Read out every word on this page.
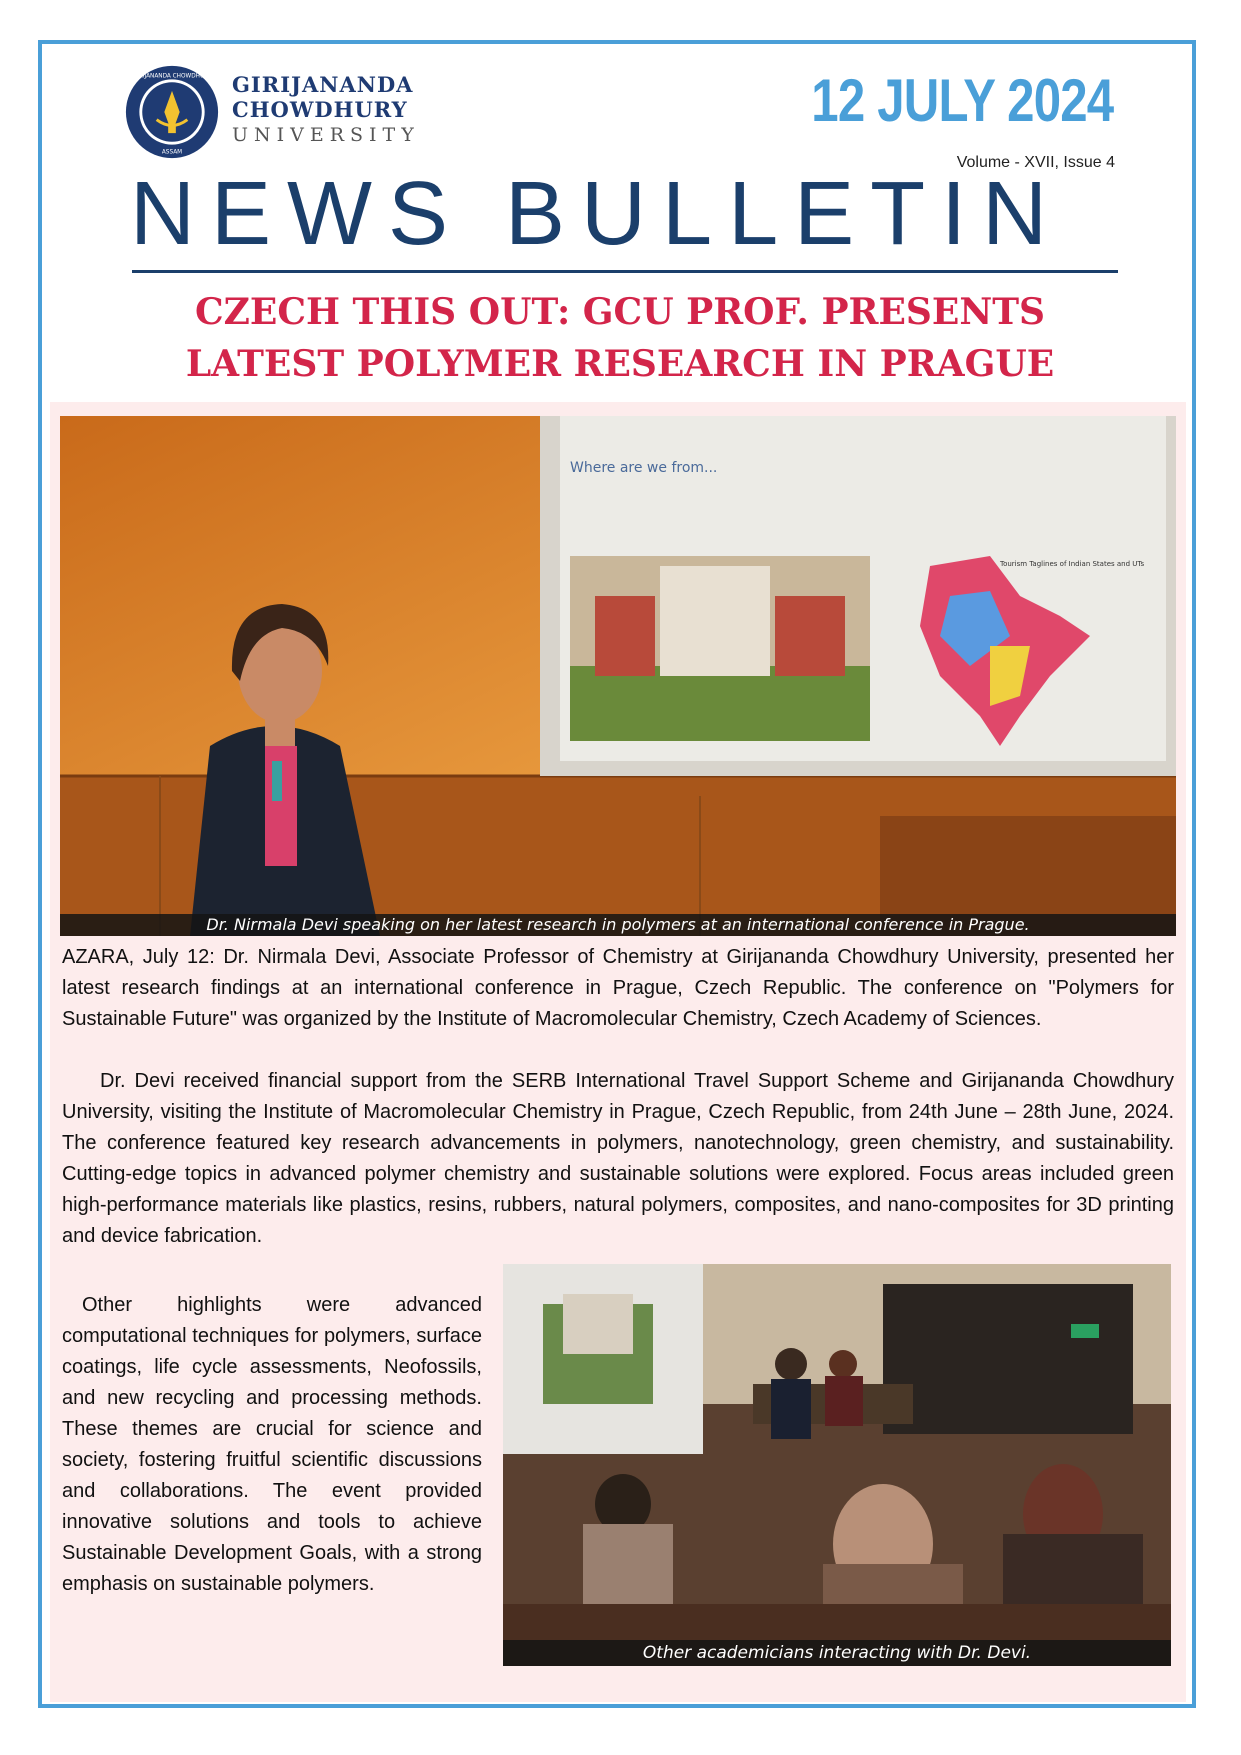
GIRIJANANDA CHOWDHURY
ASSAM
GIRIJANANDA
CHOWDHURY
UNIVERSITY
12 JULY 2024
Volume - XVII, Issue 4
NEWS BULLETIN
CZECH THIS OUT: GCU PROF. PRESENTS
LATEST POLYMER RESEARCH IN PRAGUE
Where are we from...
Tourism Taglines of Indian States and UTs
Dr. Nirmala Devi speaking on her latest research in polymers at an international conference in Prague.
AZARA, July 12: Dr. Nirmala Devi, Associate Professor of Chemistry at Girijananda Chowdhury University, presented her latest research findings at an international conference in Prague, Czech Republic. The conference on "Polymers for Sustainable Future" was organized by the Institute of Macromolecular Chemistry, Czech Academy of Sciences.
Dr. Devi received financial support from the SERB International Travel Support Scheme and Girijananda Chowdhury University, visiting the Institute of Macromolecular Chemistry in Prague, Czech Republic, from 24th June – 28th June, 2024. The conference featured key research advancements in polymers, nanotechnology, green chemistry, and sustainability. Cutting-edge topics in advanced polymer chemistry and sustainable solutions were explored. Focus areas included green high-performance materials like plastics, resins, rubbers, natural polymers, composites, and nano-composites for 3D printing and device fabrication.
Other highlights were advanced computational techniques for polymers, surface coatings, life cycle assessments, Neofossils, and new recycling and processing methods. These themes are crucial for science and society, fostering fruitful scientific discussions and collaborations. The event provided innovative solutions and tools to achieve Sustainable Development Goals, with a strong emphasis on sustainable polymers.
Other academicians interacting with Dr. Devi.
